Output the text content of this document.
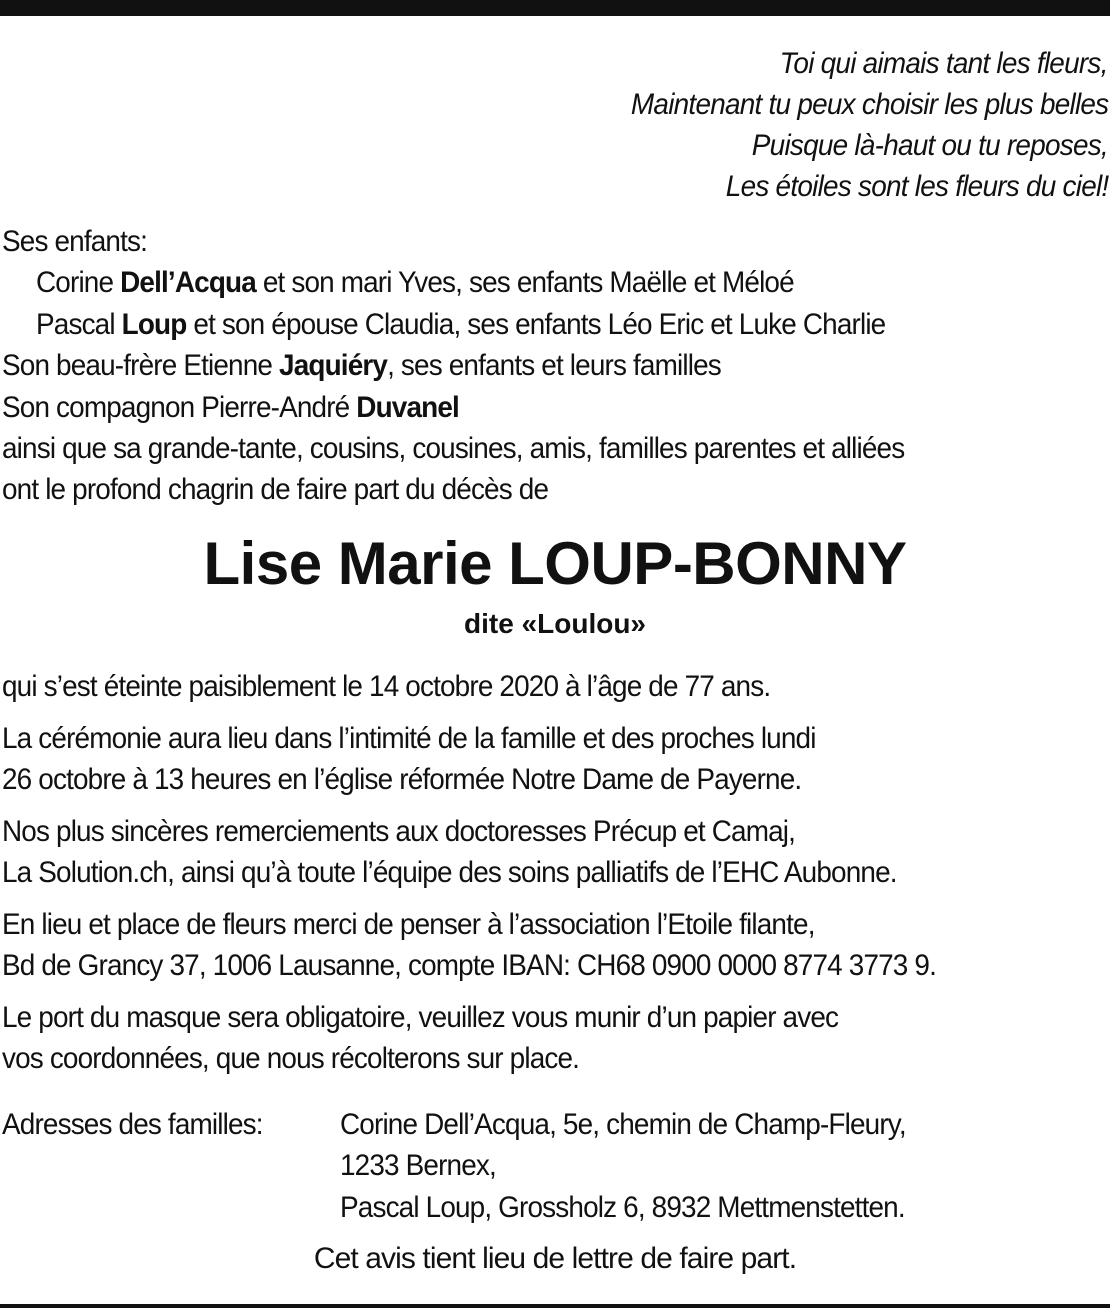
Toi qui aimais tant les fleurs,
Maintenant tu peux choisir les plus belles
Puisque là-haut ou tu reposes,
Les étoiles sont les fleurs du ciel!
Ses enfants:
Corine Dell’Acqua et son mari Yves, ses enfants Maëlle et Méloé
Pascal Loup et son épouse Claudia, ses enfants Léo Eric et Luke Charlie
Son beau-frère Etienne Jaquiéry, ses enfants et leurs familles
Son compagnon Pierre-André Duvanel
ainsi que sa grande-tante, cousins, cousines, amis, familles parentes et alliées
ont le profond chagrin de faire part du décès de
Lise Marie LOUP-BONNY
dite «Loulou»
qui s’est éteinte paisiblement le 14 octobre 2020 à l’âge de 77 ans.
La cérémonie aura lieu dans l’intimité de la famille et des proches lundi
26 octobre à 13 heures en l’église réformée Notre Dame de Payerne.
Nos plus sincères remerciements aux doctoresses Précup et Camaj,
La Solution.ch, ainsi qu’à toute l’équipe des soins palliatifs de l’EHC Aubonne.
En lieu et place de fleurs merci de penser à l’association l’Etoile filante,
Bd de Grancy 37, 1006 Lausanne, compte IBAN: CH68 0900 0000 8774 3773 9.
Le port du masque sera obligatoire, veuillez vous munir d’un papier avec
vos coordonnées, que nous récolterons sur place.
Adresses des familles:	Corine Dell’Acqua, 5e, chemin de Champ-Fleury,
1233 Bernex,
Pascal Loup, Grossholz 6, 8932 Mettmenstetten.
Cet avis tient lieu de lettre de faire part.
